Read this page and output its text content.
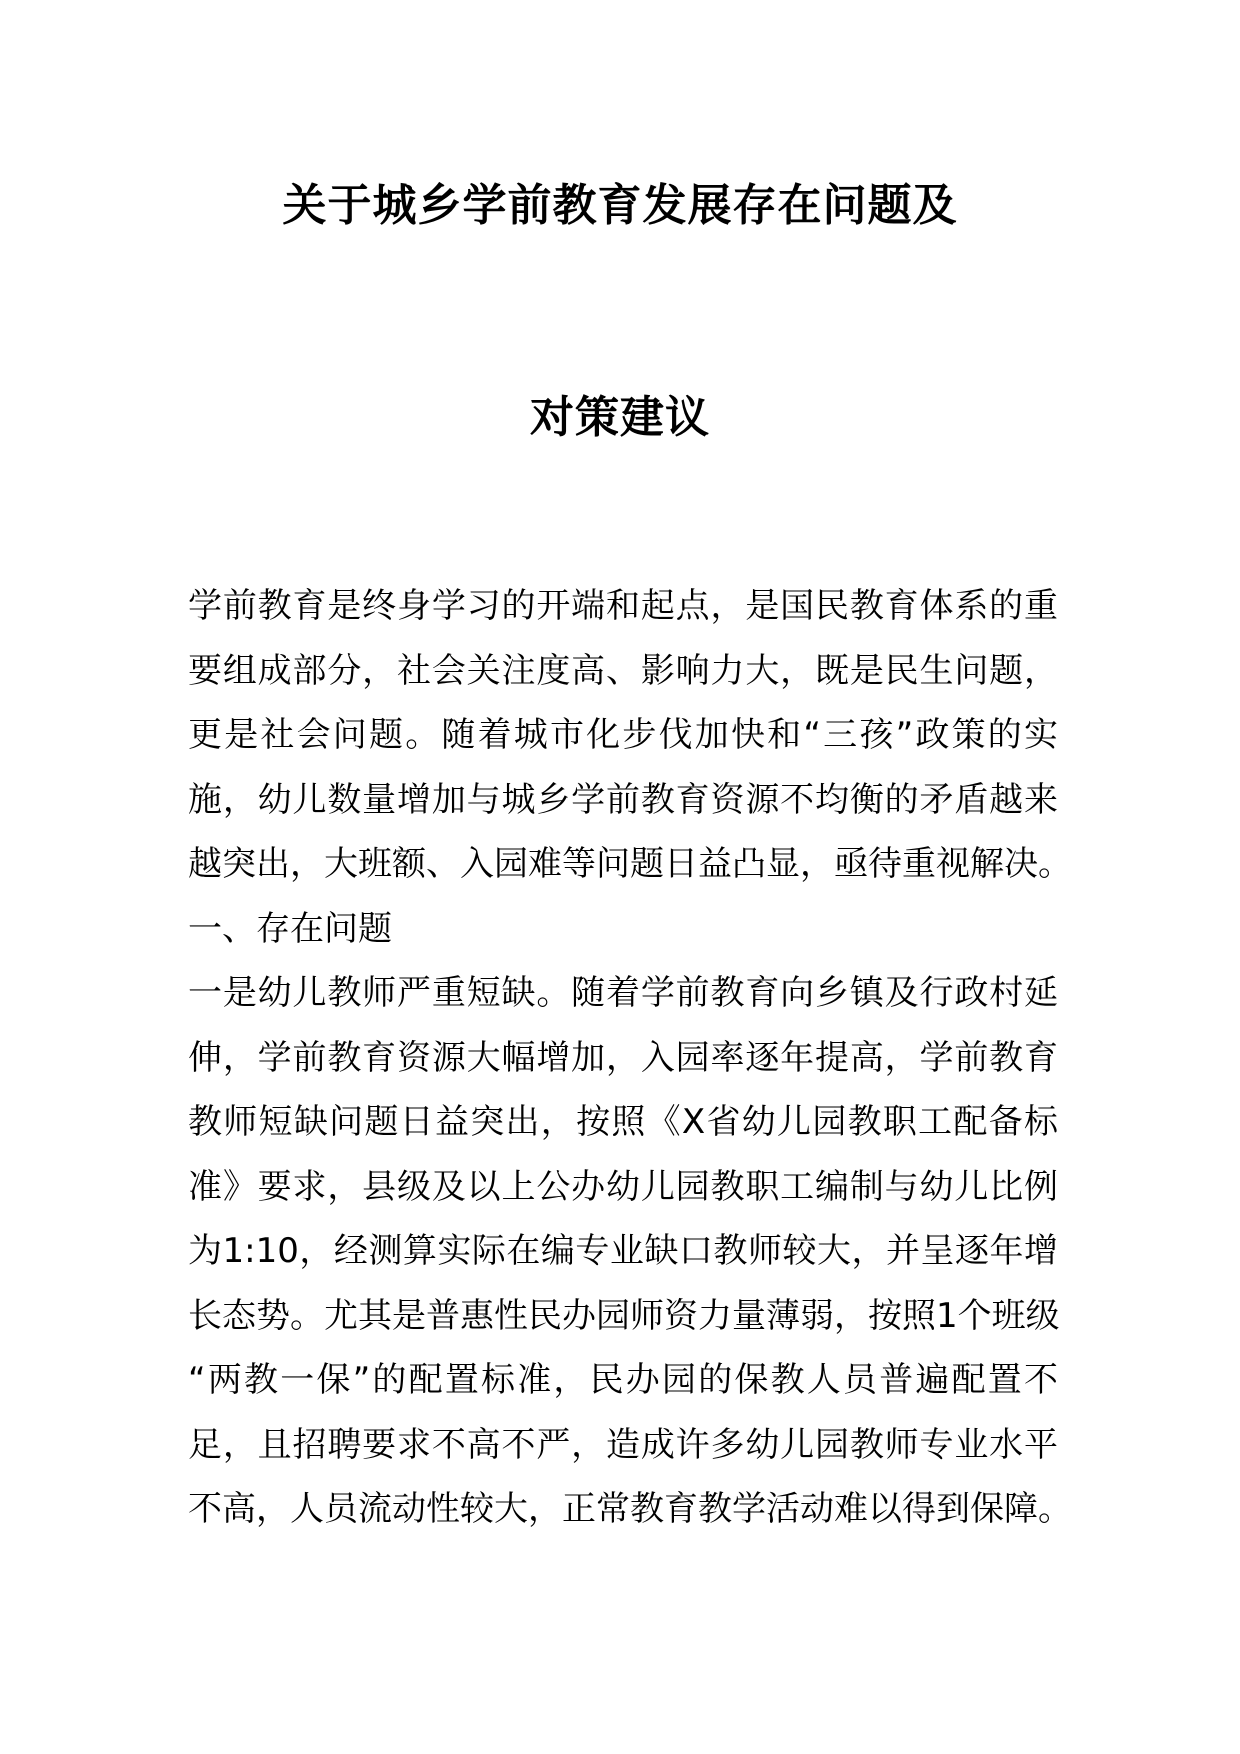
关于城乡学前教育发展存在问题及
对策建议
学前教育是终身学习的开端和起点，是国民教育体系的重
要组成部分，社会关注度高、影响力大，既是民生问题，
更是社会问题。随着城市化步伐加快和“三孩”政策的实
施，幼儿数量增加与城乡学前教育资源不均衡的矛盾越来
越突出，大班额、入园难等问题日益凸显，亟待重视解决。
一、存在问题
一是幼儿教师严重短缺。随着学前教育向乡镇及行政村延
伸，学前教育资源大幅增加，入园率逐年提高，学前教育
教师短缺问题日益突出，按照《X省幼儿园教职工配备标
准》要求，县级及以上公办幼儿园教职工编制与幼儿比例
为1:10，经测算实际在编专业缺口教师较大，并呈逐年增
长态势。尤其是普惠性民办园师资力量薄弱，按照1个班级
“两教一保”的配置标准，民办园的保教人员普遍配置不
足，且招聘要求不高不严，造成许多幼儿园教师专业水平
不高，人员流动性较大，正常教育教学活动难以得到保障。
